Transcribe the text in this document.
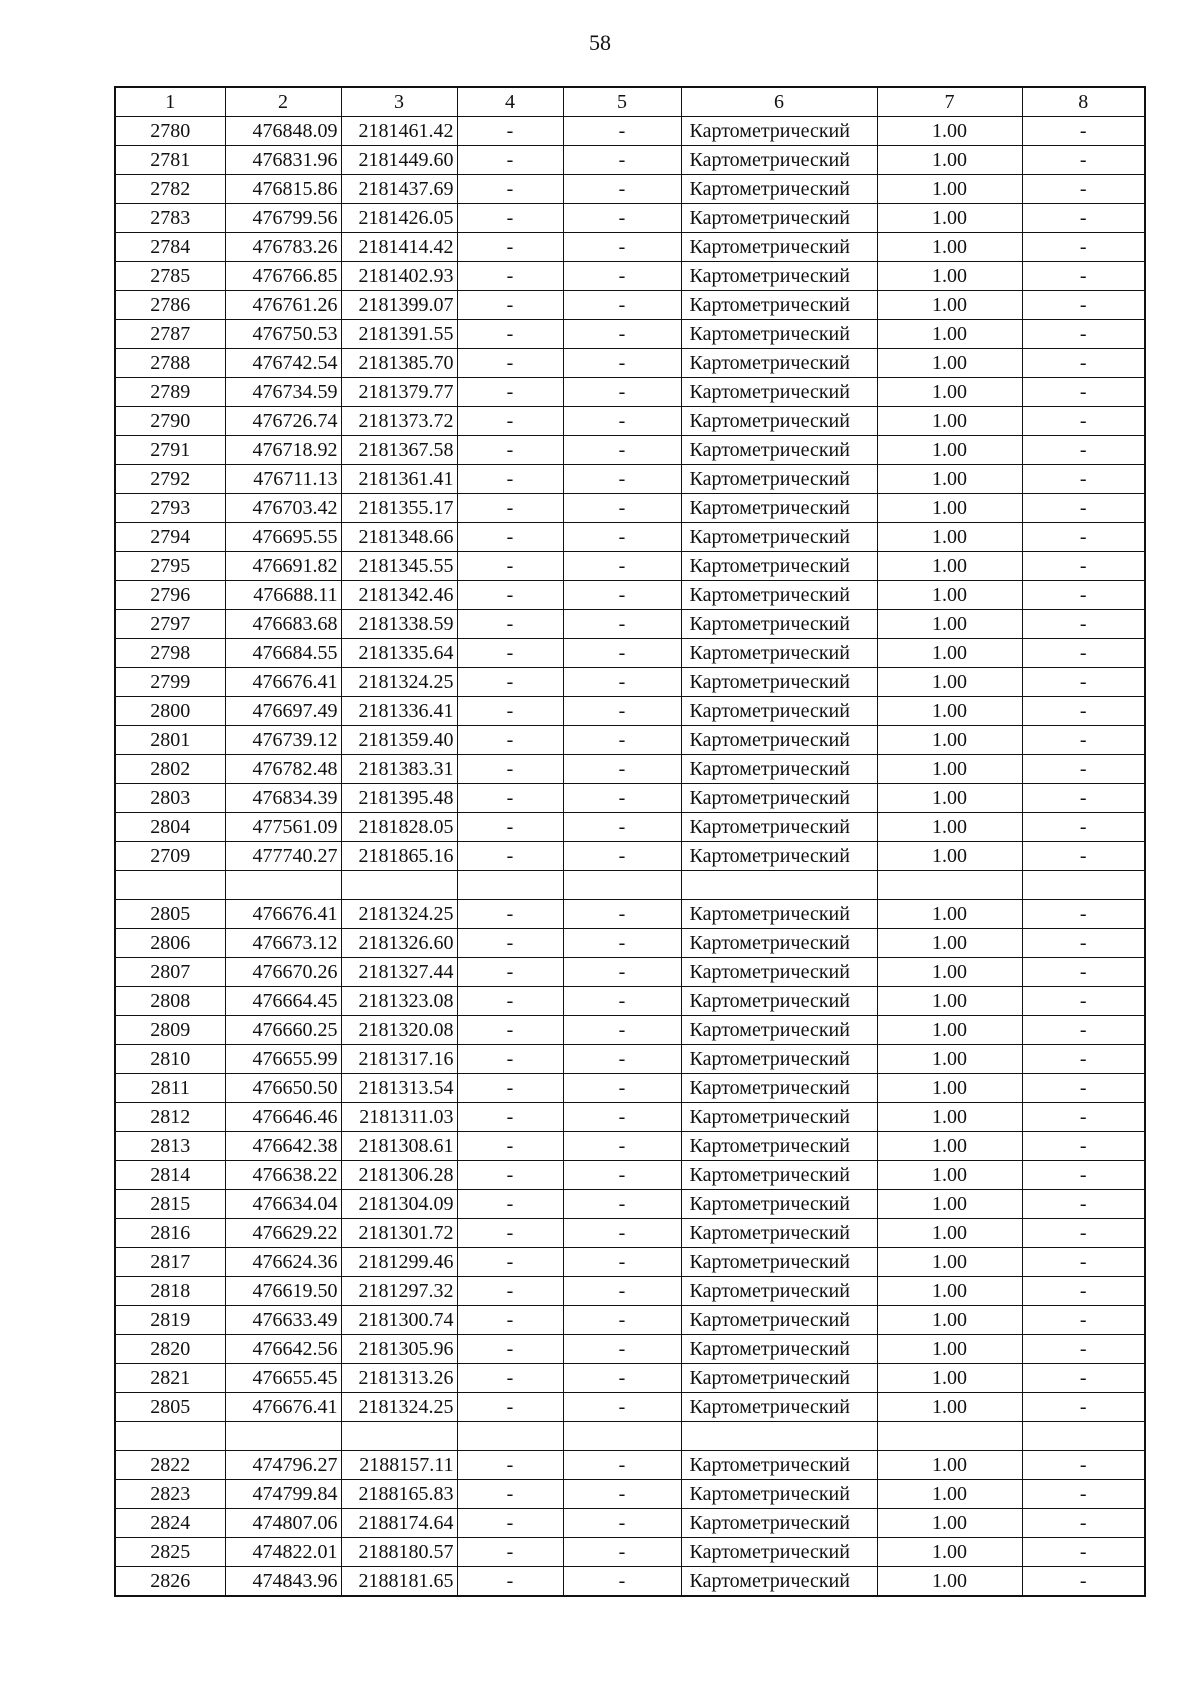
58
1	2	3	4	5	6	7	8
2780	476848.09	2181461.42	-	-	Картометрический	1.00	-
2781	476831.96	2181449.60	-	-	Картометрический	1.00	-
2782	476815.86	2181437.69	-	-	Картометрический	1.00	-
2783	476799.56	2181426.05	-	-	Картометрический	1.00	-
2784	476783.26	2181414.42	-	-	Картометрический	1.00	-
2785	476766.85	2181402.93	-	-	Картометрический	1.00	-
2786	476761.26	2181399.07	-	-	Картометрический	1.00	-
2787	476750.53	2181391.55	-	-	Картометрический	1.00	-
2788	476742.54	2181385.70	-	-	Картометрический	1.00	-
2789	476734.59	2181379.77	-	-	Картометрический	1.00	-
2790	476726.74	2181373.72	-	-	Картометрический	1.00	-
2791	476718.92	2181367.58	-	-	Картометрический	1.00	-
2792	476711.13	2181361.41	-	-	Картометрический	1.00	-
2793	476703.42	2181355.17	-	-	Картометрический	1.00	-
2794	476695.55	2181348.66	-	-	Картометрический	1.00	-
2795	476691.82	2181345.55	-	-	Картометрический	1.00	-
2796	476688.11	2181342.46	-	-	Картометрический	1.00	-
2797	476683.68	2181338.59	-	-	Картометрический	1.00	-
2798	476684.55	2181335.64	-	-	Картометрический	1.00	-
2799	476676.41	2181324.25	-	-	Картометрический	1.00	-
2800	476697.49	2181336.41	-	-	Картометрический	1.00	-
2801	476739.12	2181359.40	-	-	Картометрический	1.00	-
2802	476782.48	2181383.31	-	-	Картометрический	1.00	-
2803	476834.39	2181395.48	-	-	Картометрический	1.00	-
2804	477561.09	2181828.05	-	-	Картометрический	1.00	-
2709	477740.27	2181865.16	-	-	Картометрический	1.00	-

2805	476676.41	2181324.25	-	-	Картометрический	1.00	-
2806	476673.12	2181326.60	-	-	Картометрический	1.00	-
2807	476670.26	2181327.44	-	-	Картометрический	1.00	-
2808	476664.45	2181323.08	-	-	Картометрический	1.00	-
2809	476660.25	2181320.08	-	-	Картометрический	1.00	-
2810	476655.99	2181317.16	-	-	Картометрический	1.00	-
2811	476650.50	2181313.54	-	-	Картометрический	1.00	-
2812	476646.46	2181311.03	-	-	Картометрический	1.00	-
2813	476642.38	2181308.61	-	-	Картометрический	1.00	-
2814	476638.22	2181306.28	-	-	Картометрический	1.00	-
2815	476634.04	2181304.09	-	-	Картометрический	1.00	-
2816	476629.22	2181301.72	-	-	Картометрический	1.00	-
2817	476624.36	2181299.46	-	-	Картометрический	1.00	-
2818	476619.50	2181297.32	-	-	Картометрический	1.00	-
2819	476633.49	2181300.74	-	-	Картометрический	1.00	-
2820	476642.56	2181305.96	-	-	Картометрический	1.00	-
2821	476655.45	2181313.26	-	-	Картометрический	1.00	-
2805	476676.41	2181324.25	-	-	Картометрический	1.00	-

2822	474796.27	2188157.11	-	-	Картометрический	1.00	-
2823	474799.84	2188165.83	-	-	Картометрический	1.00	-
2824	474807.06	2188174.64	-	-	Картометрический	1.00	-
2825	474822.01	2188180.57	-	-	Картометрический	1.00	-
2826	474843.96	2188181.65	-	-	Картометрический	1.00	-
